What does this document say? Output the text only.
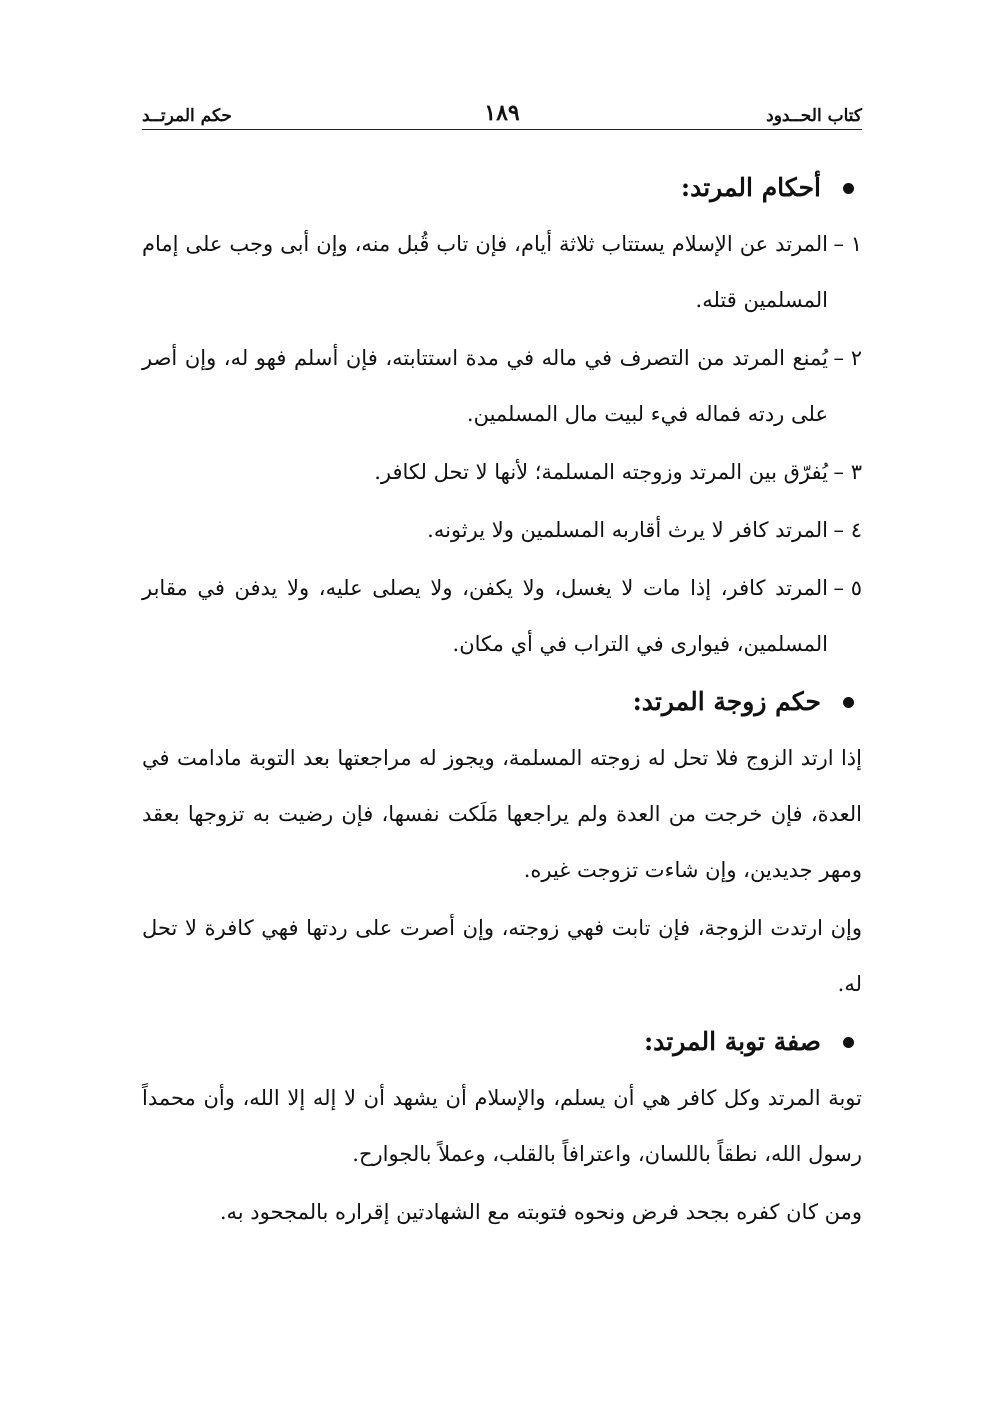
كتاب الحــدود
١٨٩
حكم المرتــد
أحكام المرتد:
١ –
المرتد عن الإسلام يستتاب ثلاثة أيام، فإن تاب قُبل منه، وإن أبى وجب على إمام المسلمين قتله.
٢ –
يُمنع المرتد من التصرف في ماله في مدة استتابته، فإن أسلم فهو له، وإن أصر على ردته فماله فيء لبيت مال المسلمين.
٣ –
يُفرّق بين المرتد وزوجته المسلمة؛ لأنها لا تحل لكافر.
٤ –
المرتد كافر لا يرث أقاربه المسلمين ولا يرثونه.
٥ –
المرتد كافر، إذا مات لا يغسل، ولا يكفن، ولا يصلى عليه، ولا يدفن في مقابر المسلمين، فيوارى في التراب في أي مكان.
حكم زوجة المرتد:

إذا ارتد الزوج فلا تحل له زوجته المسلمة، ويجوز له مراجعتها بعد التوبة مادامت في العدة، فإن خرجت من العدة ولم يراجعها مَلَكت نفسها، فإن رضيت به تزوجها بعقد ومهر جديدين، وإن شاءت تزوجت غيره.

وإن ارتدت الزوجة، فإن تابت فهي زوجته، وإن أصرت على ردتها فهي كافرة لا تحل له.

صفة توبة المرتد:

توبة المرتد وكل كافر هي أن يسلم، والإسلام أن يشهد أن لا إله إلا الله، وأن محمداً رسول الله، نطقاً باللسان، واعترافاً بالقلب، وعملاً بالجوارح.

ومن كان كفره بجحد فرض ونحوه فتوبته مع الشهادتين إقراره بالمجحود به.
